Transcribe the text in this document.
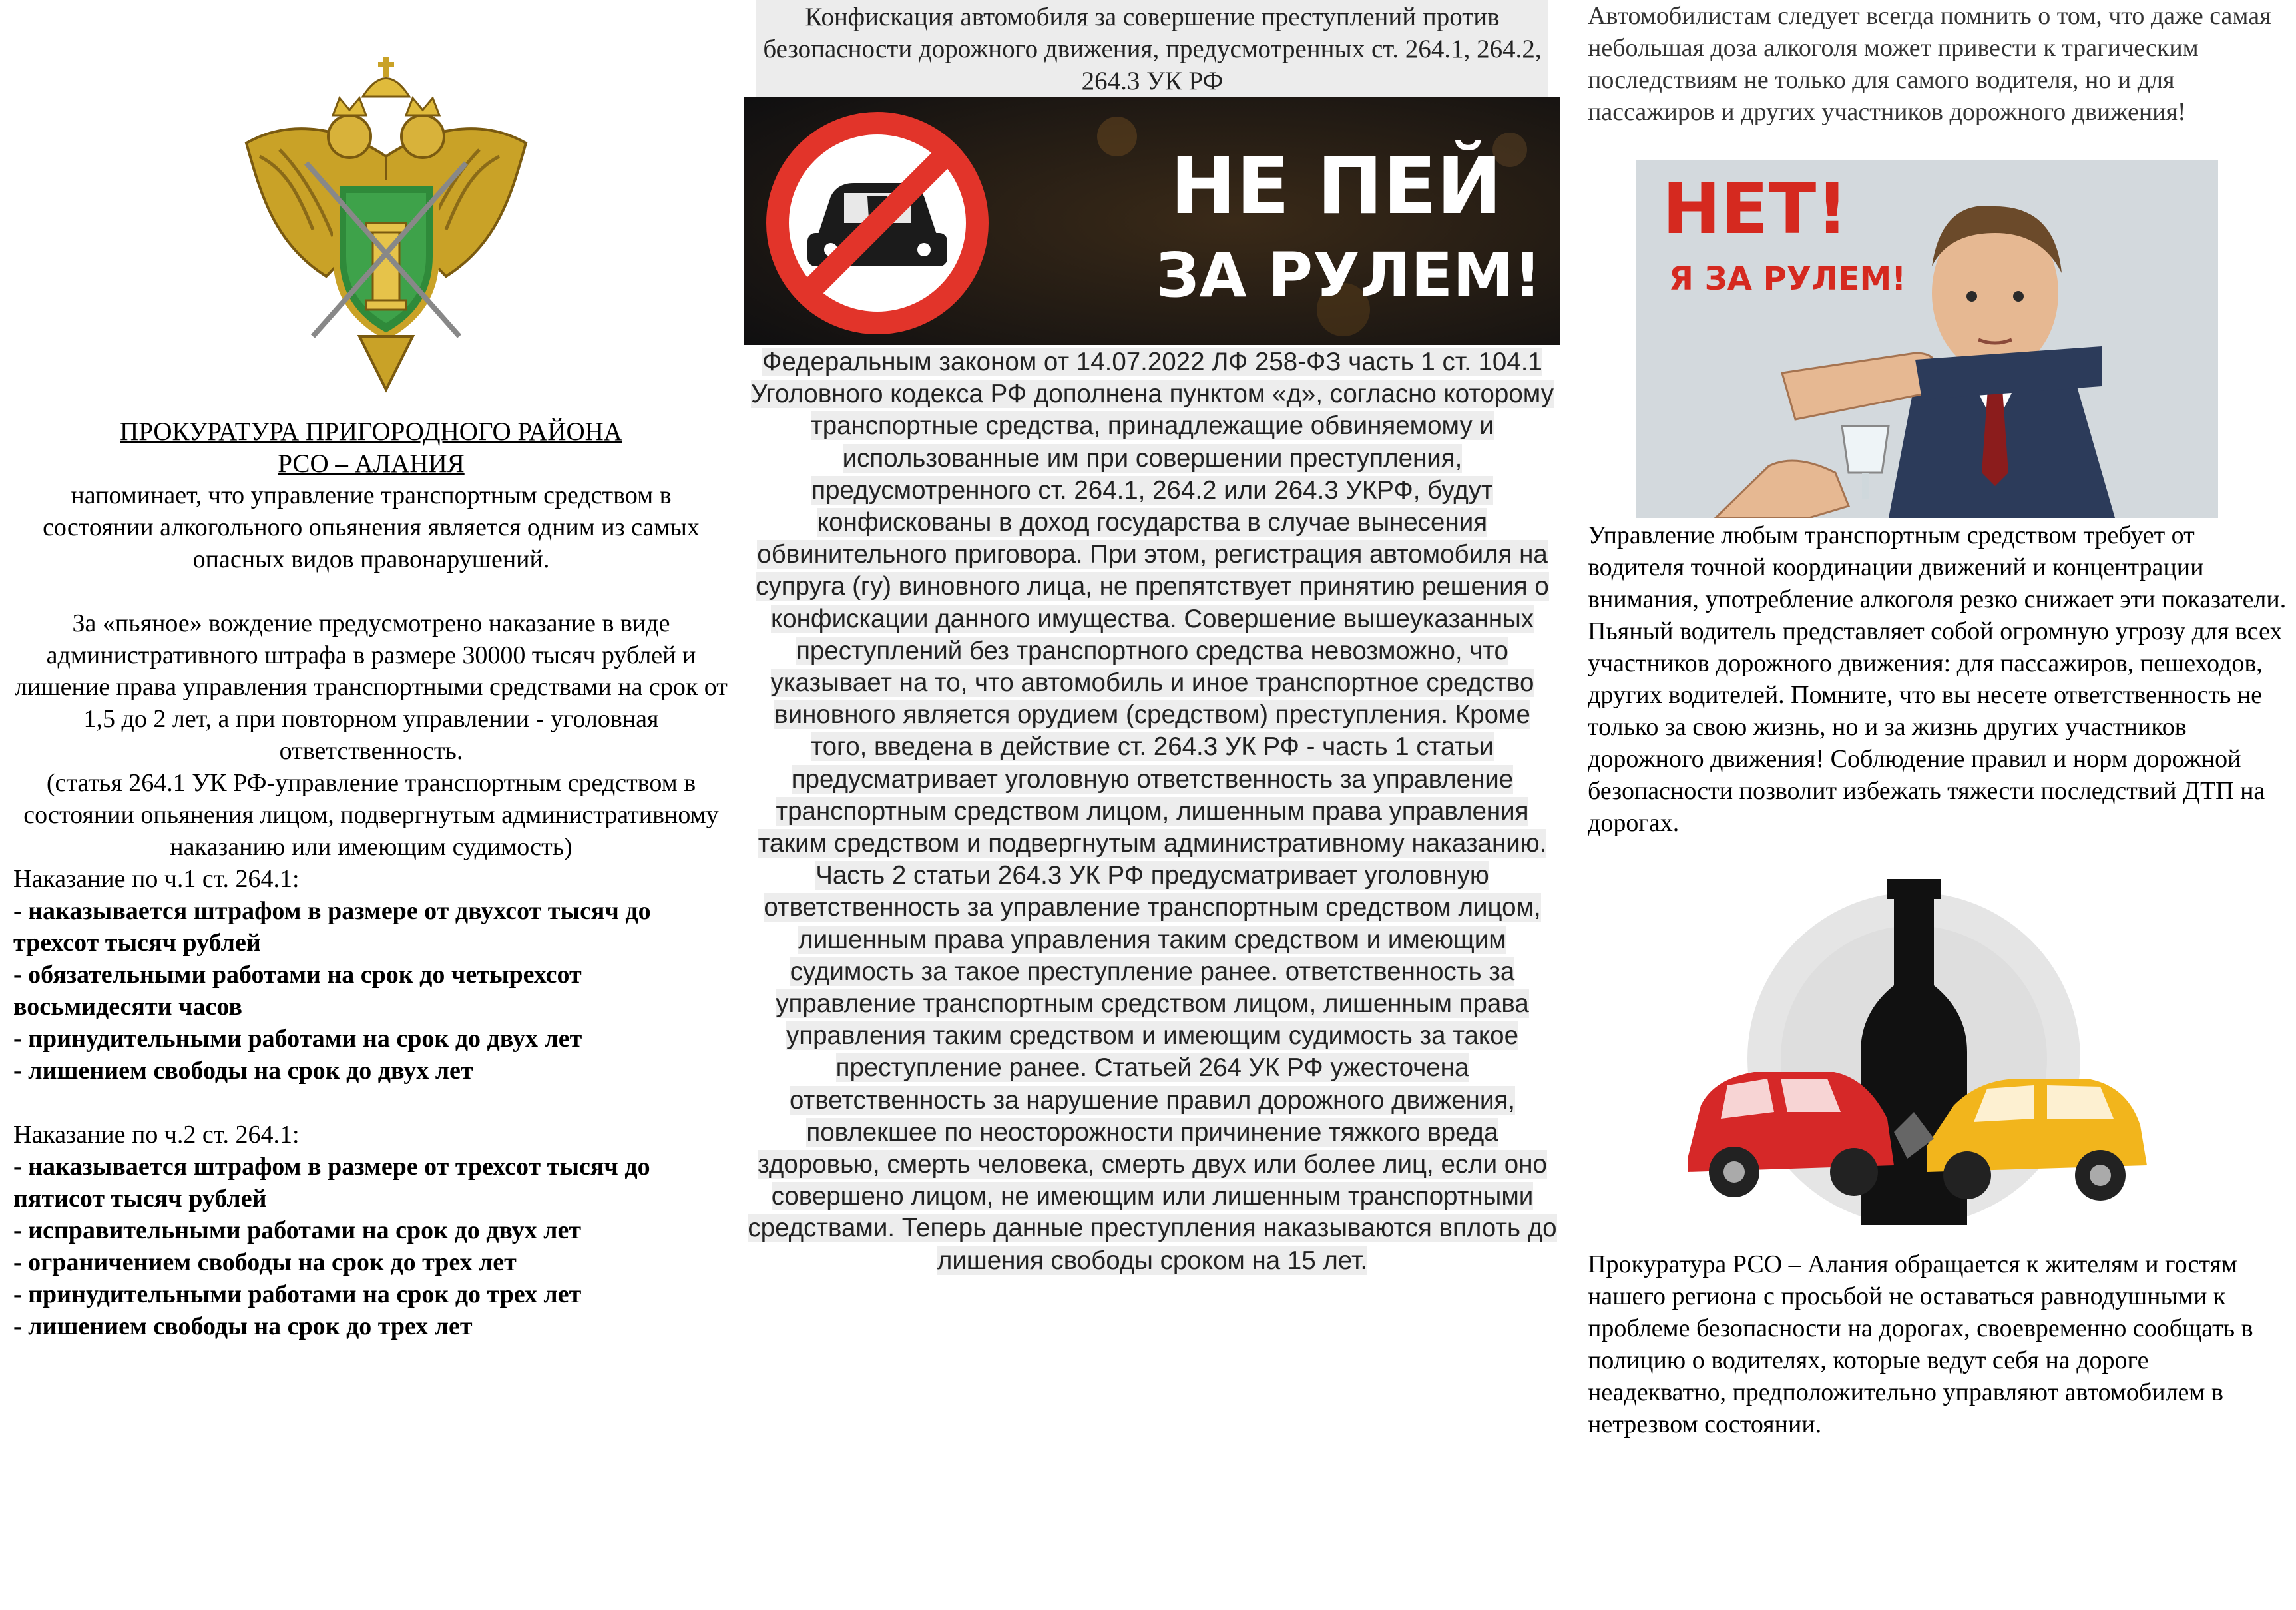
ПРОКУРАТУРА ПРИГОРОДНОГО РАЙОНА
РСО – АЛАНИЯ
напоминает, что управление транспортным средством в состоянии алкогольного опьянения является одним из самых опасных видов правонарушений.
За «пьяное» вождение предусмотрено наказание в виде административного штрафа в размере 30000 тысяч рублей и лишение права управления транспортными средствами на срок от 1,5 до 2 лет, а при повторном управлении - уголовная ответственность.
(статья 264.1 УК РФ-управление транспортным средством в состоянии опьянения лицом, подвергнутым административному наказанию или имеющим судимость)
Наказание по ч.1 ст. 264.1:
- наказывается штрафом в размере от двухсот тысяч до трехсот тысяч рублей
- обязательными работами на срок до четырехсот восьмидесяти часов
- принудительными работами на срок до двух лет
- лишением свободы на срок до двух лет
Наказание по ч.2 ст. 264.1:
- наказывается штрафом в размере от трехсот тысяч до пятисот тысяч рублей
- исправительными работами на срок до двух лет
- ограничением свободы на срок до трех лет
- принудительными работами на срок до трех лет
- лишением свободы на срок до трех лет
Конфискация автомобиля за совершение преступлений против безопасности дорожного движения, предусмотренных ст. 264.1, 264.2, 264.3 УК РФ
НЕ ПЕЙ
ЗА РУЛЕМ!
Федеральным законом от 14.07.2022 ЛФ 258-ФЗ часть 1 ст. 104.1 Уголовного кодекса РФ дополнена пунктом «д», согласно которому транспортные средства, принадлежащие обвиняемому и использованные им при совершении преступления, предусмотренного ст. 264.1, 264.2 или 264.3 УКРФ, будут конфискованы в доход государства в случае вынесения обвинительного приговора. При этом, регистрация автомобиля на супруга (гу) виновного лица, не препятствует принятию решения о конфискации данного имущества. Совершение вышеуказанных преступлений без транспортного средства невозможно, что указывает на то, что автомобиль и иное транспортное средство виновного является орудием (средством) преступления. Кроме того, введена в действие ст. 264.3 УК РФ - часть 1 статьи предусматривает уголовную ответственность за управление транспортным средством лицом, лишенным права управления таким средством и подвергнутым административному наказанию. Часть 2 статьи 264.3 УК РФ предусматривает уголовную ответственность за управление транспортным средством лицом, лишенным права управления таким средством и имеющим судимость за такое преступление ранее. ответственность за управление транспортным средством лицом, лишенным права управления таким средством и имеющим судимость за такое преступление ранее. Статьей 264 УК РФ ужесточена ответственность за нарушение правил дорожного движения, повлекшее по неосторожности причинение тяжкого вреда здоровью, смерть человека, смерть двух или более лиц, если оно совершено лицом, не имеющим или лишенным транспортными средствами. Теперь данные преступления наказываются вплоть до лишения свободы сроком на 15 лет.
Автомобилистам следует всегда помнить о том, что даже самая небольшая доза алкоголя может привести к трагическим последствиям не только для самого водителя, но и для пассажиров и других участников дорожного движения!
НЕТ!
Я ЗА РУЛЕМ!
Управление любым транспортным средством требует от водителя точной координации движений и концентрации внимания, употребление алкоголя резко снижает эти показатели. Пьяный водитель представляет собой огромную угрозу для всех участников дорожного движения: для пассажиров, пешеходов, других водителей. Помните, что вы несете ответственность не только за свою жизнь, но и за жизнь других участников дорожного движения! Соблюдение правил и норм дорожной безопасности позволит избежать тяжести последствий ДТП на дорогах.
Прокуратура РСО – Алания обращается к жителям и гостям нашего региона с просьбой не оставаться равнодушными к проблеме безопасности на дорогах, своевременно сообщать в полицию о водителях, которые ведут себя на дороге неадекватно, предположительно управляют автомобилем в нетрезвом состоянии.
